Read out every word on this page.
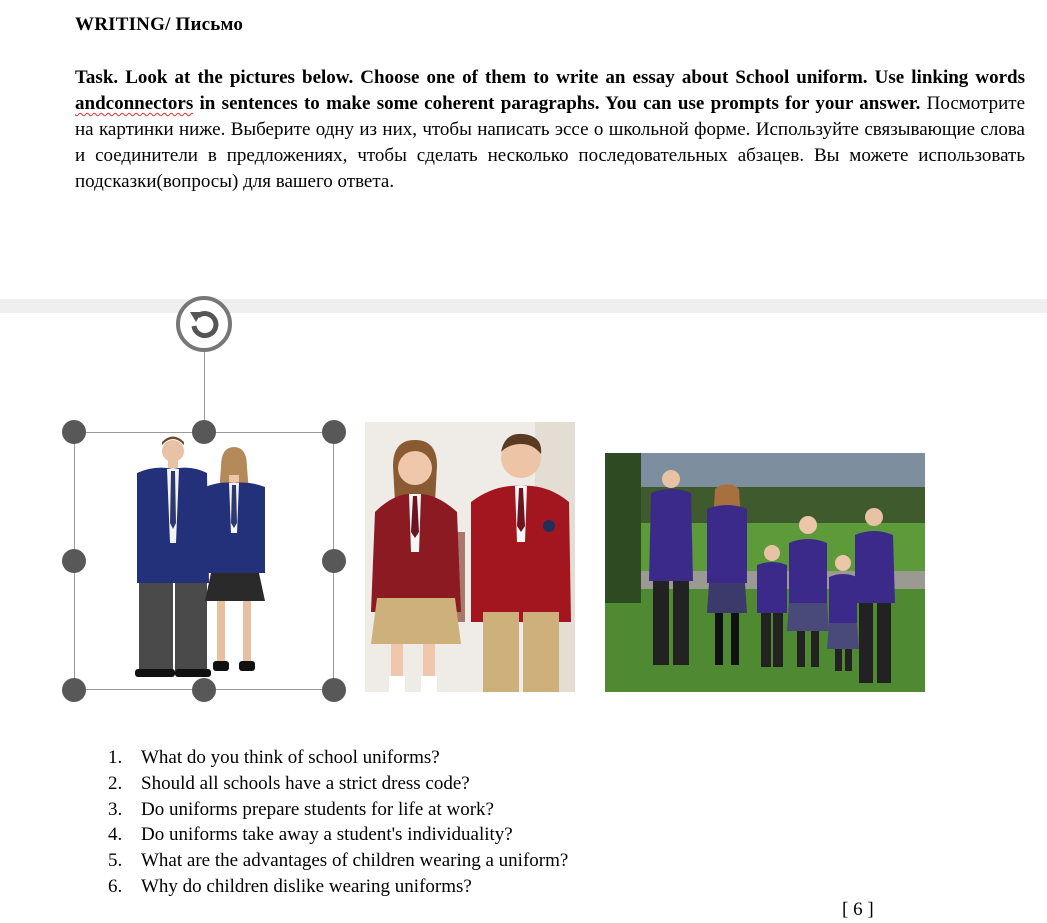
WRITING/ Письмо
Task. Look at the pictures below. Choose one of them to write an essay about School uniform. Use linking words andconnectors in sentences to make some coherent paragraphs. You can use prompts for your answer. Посмотрите на картинки ниже. Выберите одну из них, чтобы написать эссе о школьной форме. Используйте связывающие слова и соединители в предложениях, чтобы сделать несколько последовательных абзацев. Вы можете использовать подсказки(вопросы) для вашего ответа.
1. What do you think of school uniforms?
2. Should all schools have a strict dress code?
3. Do uniforms prepare students for life at work?
4. Do uniforms take away a student's individuality?
5. What are the advantages of children wearing a uniform?
6. Why do children dislike wearing uniforms?
[ 6 ]
